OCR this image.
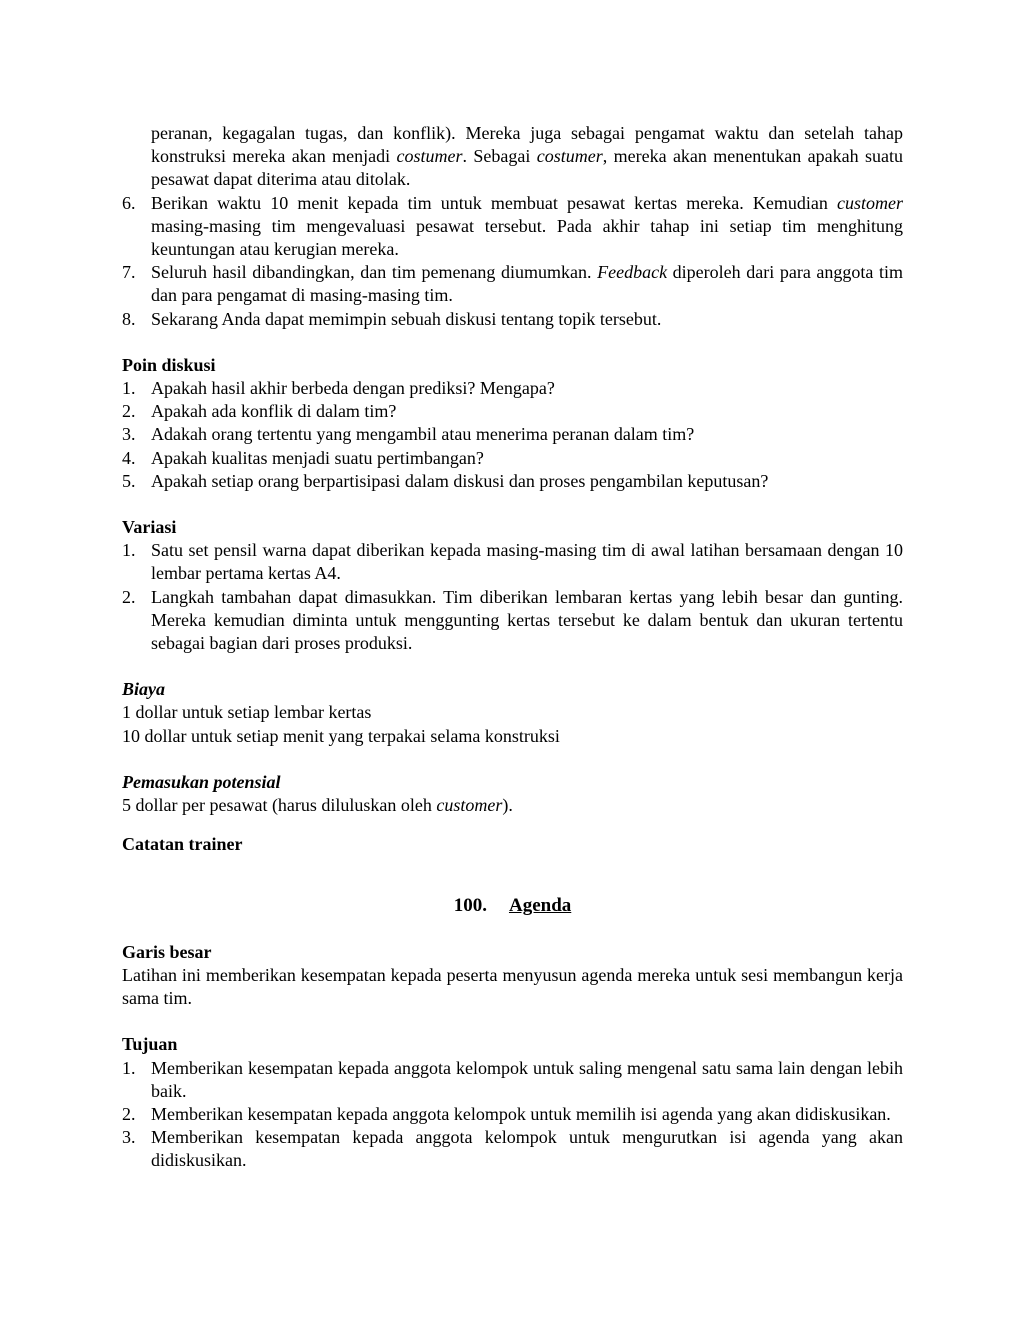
peranan, kegagalan tugas, dan konflik). Mereka juga sebagai pengamat waktu dan setelah tahap konstruksi mereka akan menjadi costumer. Sebagai costumer, mereka akan menentukan apakah suatu pesawat dapat diterima atau ditolak.
6. Berikan waktu 10 menit kepada tim untuk membuat pesawat kertas mereka. Kemudian customer masing-masing tim mengevaluasi pesawat tersebut. Pada akhir tahap ini setiap tim menghitung keuntungan atau kerugian mereka.
7. Seluruh hasil dibandingkan, dan tim pemenang diumumkan. Feedback diperoleh dari para anggota tim dan para pengamat di masing-masing tim.
8. Sekarang Anda dapat memimpin sebuah diskusi tentang topik tersebut.
Poin diskusi
1. Apakah hasil akhir berbeda dengan prediksi? Mengapa?
2. Apakah ada konflik di dalam tim?
3. Adakah orang tertentu yang mengambil atau menerima peranan dalam tim?
4. Apakah kualitas menjadi suatu pertimbangan?
5. Apakah setiap orang berpartisipasi dalam diskusi dan proses pengambilan keputusan?
Variasi
1. Satu set pensil warna dapat diberikan kepada masing-masing tim di awal latihan bersamaan dengan 10 lembar pertama kertas A4.
2. Langkah tambahan dapat dimasukkan. Tim diberikan lembaran kertas yang lebih besar dan gunting. Mereka kemudian diminta untuk menggunting kertas tersebut ke dalam bentuk dan ukuran tertentu sebagai bagian dari proses produksi.
Biaya
1 dollar untuk setiap lembar kertas
10 dollar untuk setiap menit yang terpakai selama konstruksi
Pemasukan potensial
5 dollar per pesawat (harus diluluskan oleh customer).
____________________________________________________________________________
Catatan trainer
100. Agenda
Garis besar
Latihan ini memberikan kesempatan kepada peserta menyusun agenda mereka untuk sesi membangun kerja sama tim.
Tujuan
1. Memberikan kesempatan kepada anggota kelompok untuk saling mengenal satu sama lain dengan lebih baik.
2. Memberikan kesempatan kepada anggota kelompok untuk memilih isi agenda yang akan didiskusikan.
3. Memberikan kesempatan kepada anggota kelompok untuk mengurutkan isi agenda yang akan didiskusikan.
